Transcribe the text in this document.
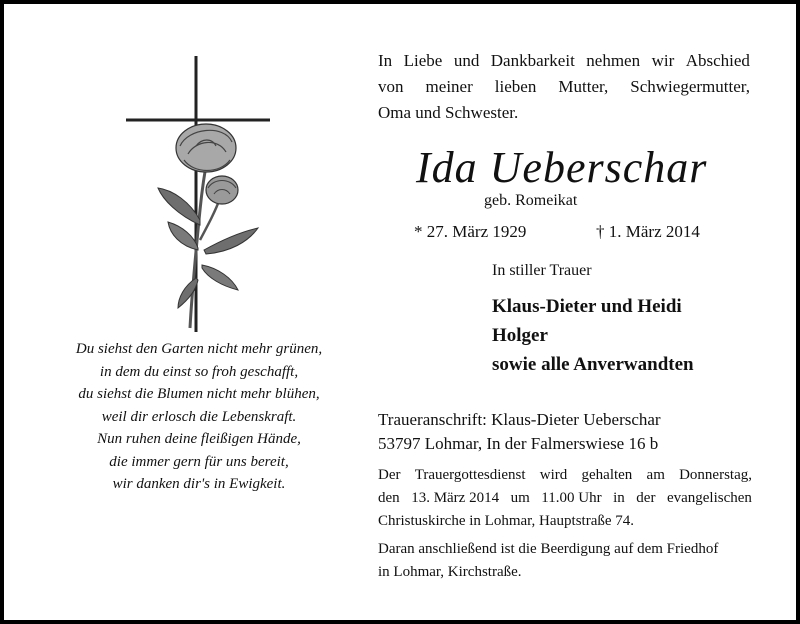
Du siehst den Garten nicht mehr grünen,
in dem du einst so froh geschafft,
du siehst die Blumen nicht mehr blühen,
weil dir erlosch die Lebenskraft.
Nun ruhen deine fleißigen Hände,
die immer gern für uns bereit,
wir danken dir's in Ewigkeit.
In Liebe und Dankbarkeit nehmen wir Abschied
von meiner lieben Mutter, Schwiegermutter,
Oma und Schwester.
Ida Ueberschar
geb. Romeikat
* 27. März 1929	† 1. März 2014
In stiller Trauer
Klaus-Dieter und Heidi
Holger
sowie alle Anverwandten
Traueranschrift: Klaus-Dieter Ueberschar
53797 Lohmar, In der Falmerswiese 16 b
Der Trauergottesdienst wird gehalten am Donnerstag,
den 13. März 2014 um 11.00 Uhr in der evangelischen
Christuskirche in Lohmar, Hauptstraße 74.
Daran anschließend ist die Beerdigung auf dem Friedhof
in Lohmar, Kirchstraße.
